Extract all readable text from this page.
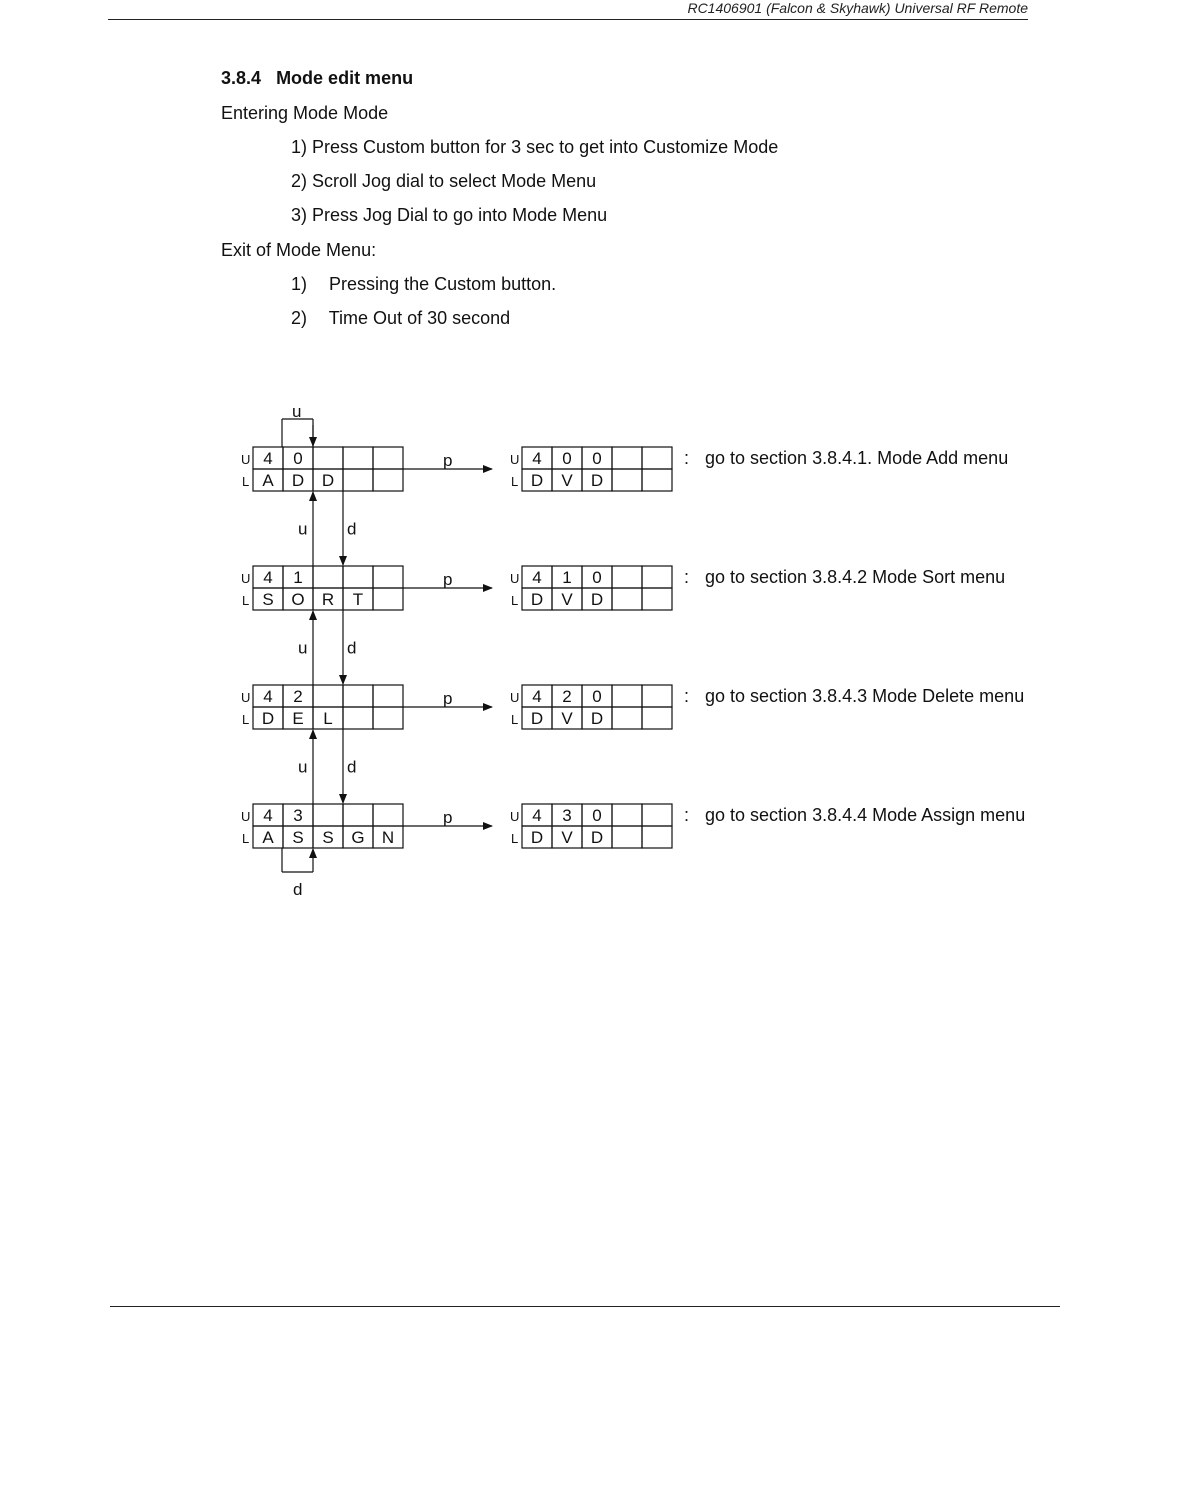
RC1406901 (Falcon & Skyhawk) Universal RF Remote
3.8.4 Mode edit menu
Entering Mode Mode
1) Press Custom button for 3 sec to get into Customize Mode
2) Scroll Jog dial to select Mode Menu
3) Press Jog Dial to go into Mode Menu
Exit of Mode Menu:
1) Pressing the Custom button.
2) Time Out of 30 second
4 0
A D D
U
L
4 0 0
D V D
U
L
p	: go to section 3.8.4.1. Mode Add menu
4 1
S O R T
U
L
4 1 0
D V D
U
L
p	: go to section 3.8.4.2 Mode Sort menu
4 2
D E L
U
L
4 2 0
D V D
U
L
p	: go to section 3.8.4.3 Mode Delete menu
4 3
A S S G N
U
L
4 3 0
D V D
U
L
p	: go to section 3.8.4.4 Mode Assign menu
u
d
u d
u d
u d
